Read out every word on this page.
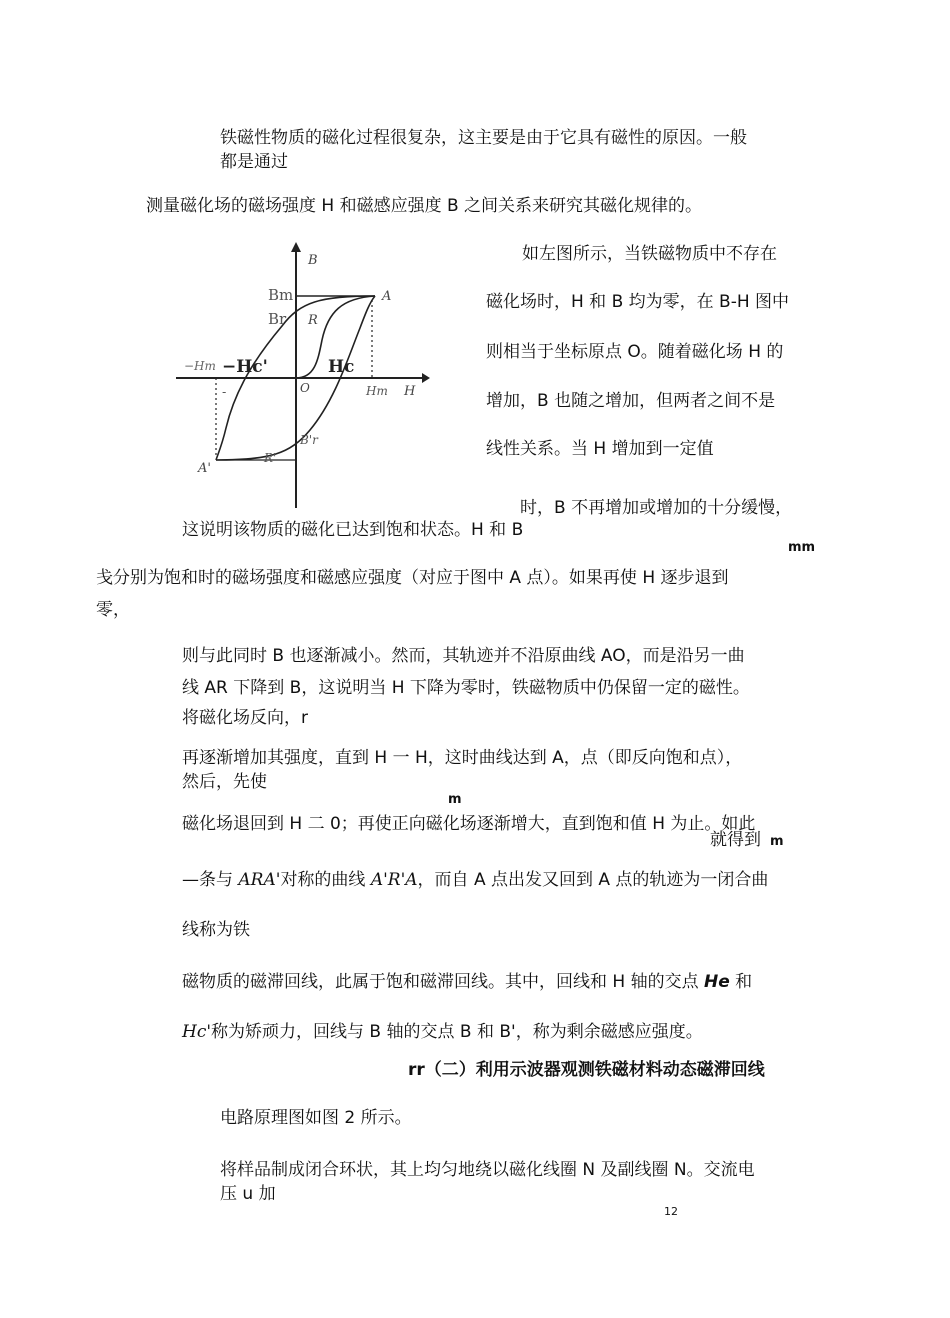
铁磁性物质的磁化过程很复杂，这主要是由于它具有磁性的原因。一般
都是通过
测量磁化场的磁场强度 H 和磁感应强度 B 之间关系来研究其磁化规律的。
B
Bm
Br R
A
−Hm −Hc'	Hc
O	Hm H
-
B'r
R'
A'
如左图所示，当铁磁物质中不存在
磁化场时，H 和 B 均为零，在 B-H 图中
则相当于坐标原点 O。随着磁化场 H 的
增加，B 也随之增加，但两者之间不是
线性关系。当 H 增加到一定值
时，B 不再增加或增加的十分缓慢，
这说明该物质的磁化已达到饱和状态。H 和 B
mm
戋分别为饱和时的磁场强度和磁感应强度（对应于图中 A 点）。如果再使 H 逐步退到
零，
则与此同时 B 也逐渐减小。然而，其轨迹并不沿原曲线 AO，而是沿另一曲
线 AR 下降到 B，这说明当 H 下降为零时，铁磁物质中仍保留一定的磁性。
将磁化场反向，r
再逐渐增加其强度，直到 H 一 H，这时曲线达到 A，点（即反向饱和点），
然后，先使
m
磁化场退回到 H 二 0；再使正向磁化场逐渐增大，直到饱和值 H 为止。如此
就得到 m
—条与 ARA'对称的曲线 A'R'A，而自 A 点出发又回到 A 点的轨迹为一闭合曲
线称为铁
磁物质的磁滞回线，此属于饱和磁滞回线。其中，回线和 H 轴的交点 He 和
Hc'称为矫顽力，回线与 B 轴的交点 B 和 B'，称为剩余磁感应强度。
rr（二）利用示波器观测铁磁材料动态磁滞回线
电路原理图如图 2 所示。
将样品制成闭合环状，其上均匀地绕以磁化线圈 N 及副线圈 N。交流电
压 u 加
12
